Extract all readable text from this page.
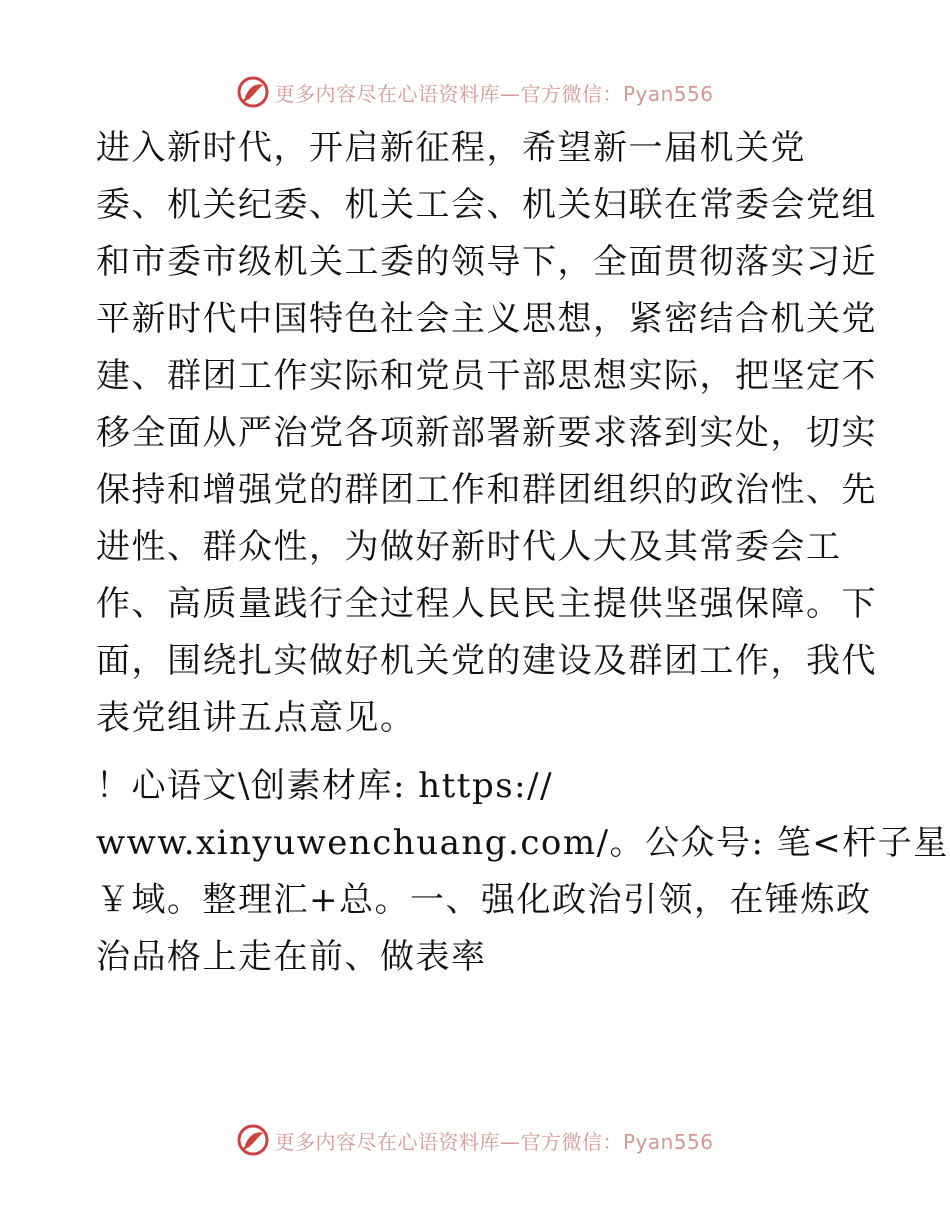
更多内容尽在心语资料库—官方微信：Pyan556
进入新时代，开启新征程，希望新一届机关党
委、机关纪委、机关工会、机关妇联在常委会党组
和市委市级机关工委的领导下，全面贯彻落实习近
平新时代中国特色社会主义思想，紧密结合机关党
建、群团工作实际和党员干部思想实际，把坚定不
移全面从严治党各项新部署新要求落到实处，切实
保持和增强党的群团工作和群团组织的政治性、先
进性、群众性，为做好新时代人大及其常委会工
作、高质量践行全过程人民民主提供坚强保障。下
面，围绕扎实做好机关党的建设及群团工作，我代
表党组讲五点意见。
！心语文\创素材库: https://
www.xinyuwenchuang.com/。公众号: 笔<杆子星
￥域。整理汇+总。一、强化政治引领，在锤炼政
治品格上走在前、做表率
更多内容尽在心语资料库—官方微信：Pyan556
